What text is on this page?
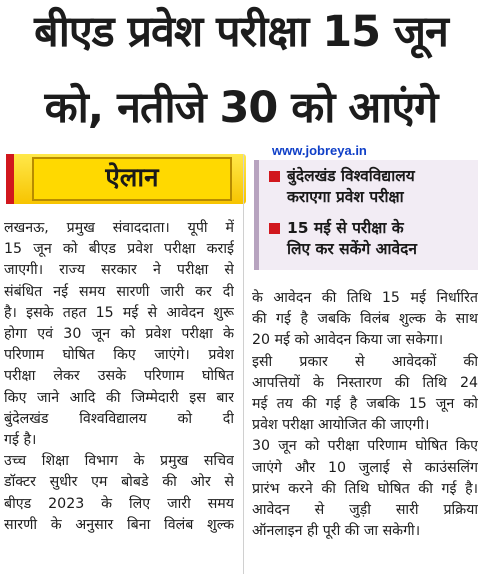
बीएड प्रवेश परीक्षा 15 जून
को, नतीजे 30 को आएंगे
ऐलान
www.jobreya.in
बुंदेलखंड विश्वविद्यालय
कराएगा प्रवेश परीक्षा
15 मई से परीक्षा के
लिए कर सकेंगे आवेदन
लखनऊ, प्रमुख संवाददाता। यूपी में
15 जून को बीएड प्रवेश परीक्षा कराई
जाएगी। राज्य सरकार ने परीक्षा से
संबंधित नई समय सारणी जारी कर दी
है। इसके तहत 15 मई से आवेदन शुरू
होगा एवं 30 जून को प्रवेश परीक्षा के
परिणाम घोषित किए जाएंगे। प्रवेश
परीक्षा लेकर उसके परिणाम घोषित
किए जाने आदि की जिम्मेदारी इस बार
बुंदेलखंड विश्वविद्यालय को दी
गई है।
उच्च शिक्षा विभाग के प्रमुख सचिव
डॉक्टर सुधीर एम बोबडे की ओर से
बीएड 2023 के लिए जारी समय
सारणी के अनुसार बिना विलंब शुल्क
के आवेदन की तिथि 15 मई निर्धारित
की गई है जबकि विलंब शुल्क के साथ
20 मई को आवेदन किया जा सकेगा।
इसी प्रकार से आवेदकों की
आपत्तियों के निस्तारण की तिथि 24
मई तय की गई है जबकि 15 जून को
प्रवेश परीक्षा आयोजित की जाएगी।
30 जून को परीक्षा परिणाम घोषित किए
जाएंगे और 10 जुलाई से काउंसलिंग
प्रारंभ करने की तिथि घोषित की गई है।
आवेदन से जुड़ी सारी प्रक्रिया
ऑनलाइन ही पूरी की जा सकेगी।
